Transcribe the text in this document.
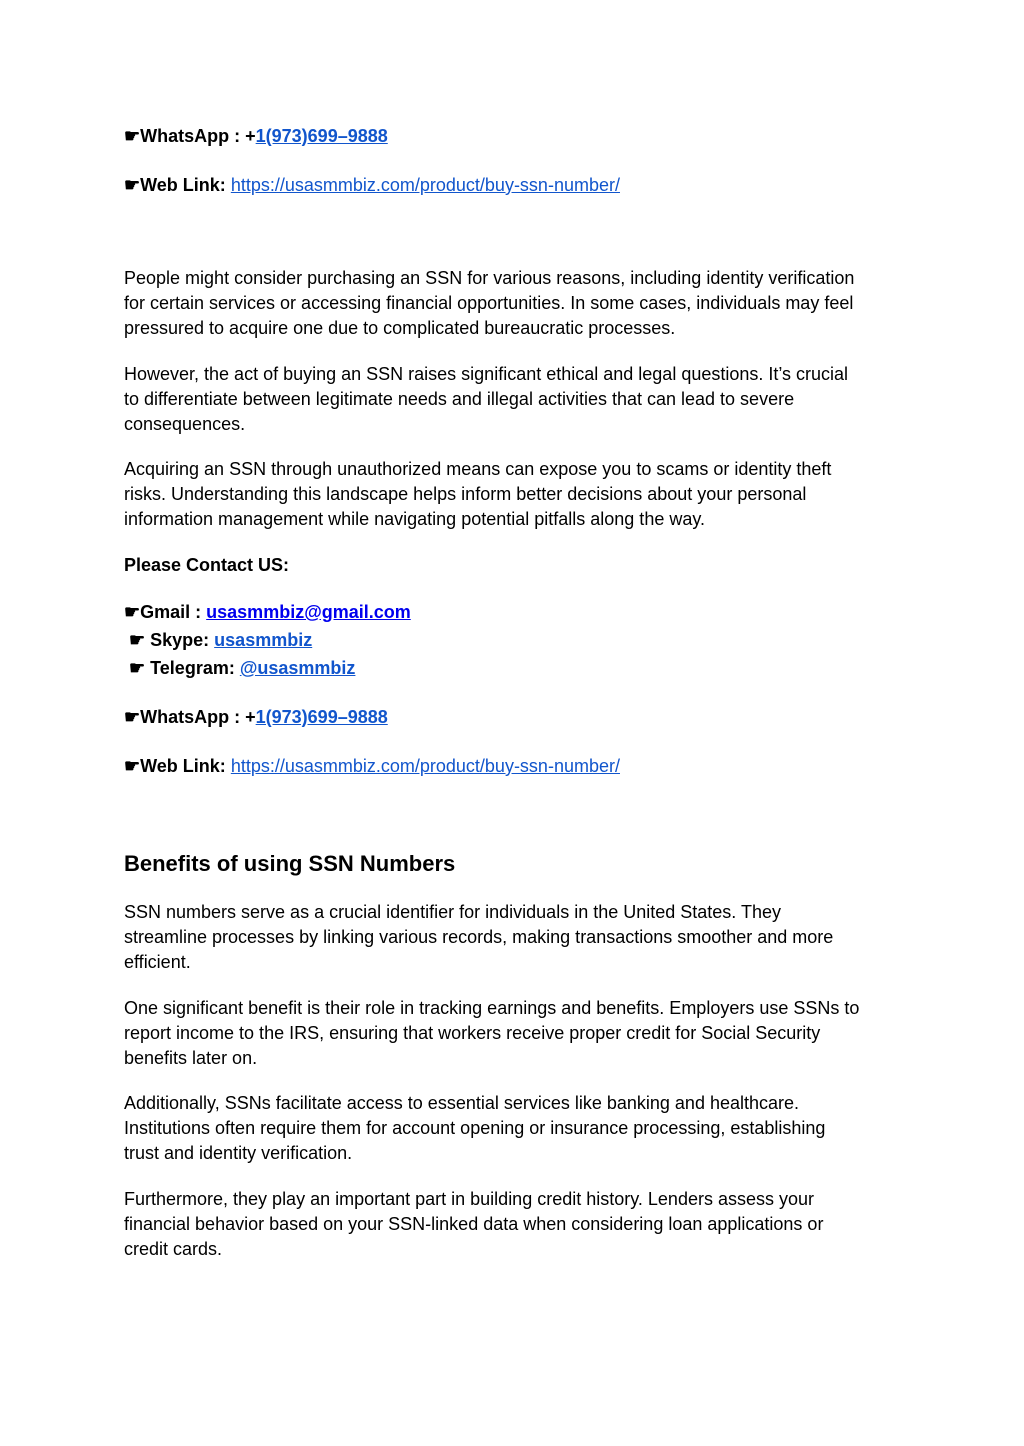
☛WhatsApp : +1(973)699–9888
☛Web Link: https://usasmmbiz.com/product/buy-ssn-number/
People might consider purchasing an SSN for various reasons, including identity verification
for certain services or accessing financial opportunities. In some cases, individuals may feel
pressured to acquire one due to complicated bureaucratic processes.
However, the act of buying an SSN raises significant ethical and legal questions. It’s crucial
to differentiate between legitimate needs and illegal activities that can lead to severe
consequences.
Acquiring an SSN through unauthorized means can expose you to scams or identity theft
risks. Understanding this landscape helps inform better decisions about your personal
information management while navigating potential pitfalls along the way.
Please Contact US:
☛Gmail : usasmmbiz@gmail.com
☛ Skype: usasmmbiz
☛ Telegram: @usasmmbiz
☛WhatsApp : +1(973)699–9888
☛Web Link: https://usasmmbiz.com/product/buy-ssn-number/
Benefits of using SSN Numbers
SSN numbers serve as a crucial identifier for individuals in the United States. They
streamline processes by linking various records, making transactions smoother and more
efficient.
One significant benefit is their role in tracking earnings and benefits. Employers use SSNs to
report income to the IRS, ensuring that workers receive proper credit for Social Security
benefits later on.
Additionally, SSNs facilitate access to essential services like banking and healthcare.
Institutions often require them for account opening or insurance processing, establishing
trust and identity verification.
Furthermore, they play an important part in building credit history. Lenders assess your
financial behavior based on your SSN-linked data when considering loan applications or
credit cards.
